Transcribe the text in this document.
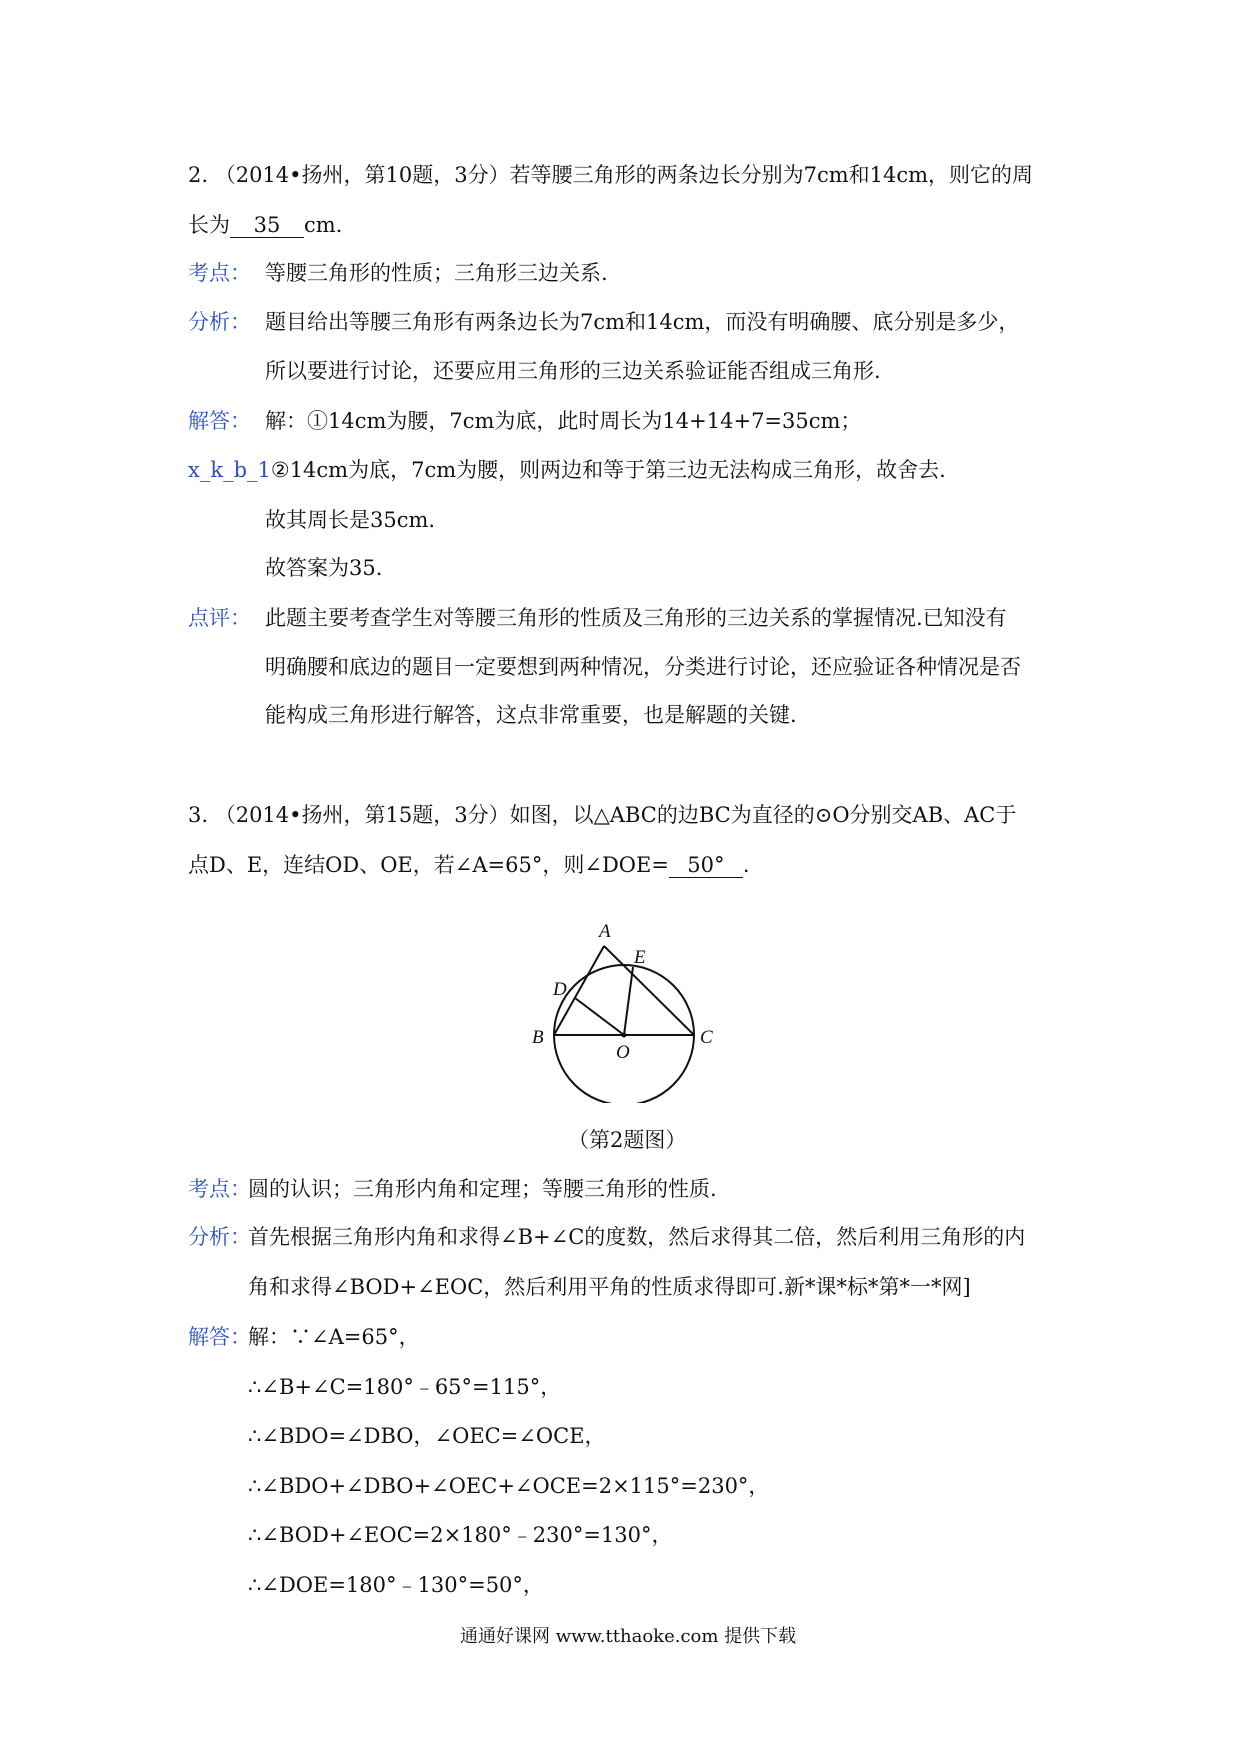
2. （2014•扬州，第10题，3分）若等腰三角形的两条边长分别为7cm和14cm，则它的周
长为 35 cm.
考点： 等腰三角形的性质；三角形三边关系.
分析： 题目给出等腰三角形有两条边长为7cm和14cm，而没有明确腰、底分别是多少，
所以要进行讨论，还要应用三角形的三边关系验证能否组成三角形.
解答： 解：①14cm为腰，7cm为底，此时周长为14+14+7=35cm；
x_k_b_1②14cm为底，7cm为腰，则两边和等于第三边无法构成三角形，故舍去.
故其周长是35cm.
故答案为35.
点评： 此题主要考查学生对等腰三角形的性质及三角形的三边关系的掌握情况.已知没有
明确腰和底边的题目一定要想到两种情况，分类进行讨论，还应验证各种情况是否
能构成三角形进行解答，这点非常重要，也是解题的关键.
3. （2014•扬州，第15题，3分）如图，以△ABC的边BC为直径的⊙O分别交AB、AC于
点D、E，连结OD、OE，若∠A=65°，则∠DOE= 50° .
A
D
E
B
O
C
（第2题图）
考点：
圆的认识；三角形内角和定理；等腰三角形的性质.
分析：
首先根据三角形内角和求得∠B+∠C的度数，然后求得其二倍，然后利用三角形的内
角和求得∠BOD+∠EOC，然后利用平角的性质求得即可.新*课*标*第*一*网]
解答：
解：∵∠A=65°，
∴∠B+∠C=180°﹣65°=115°，
∴∠BDO=∠DBO，∠OEC=∠OCE，
∴∠BDO+∠DBO+∠OEC+∠OCE=2×115°=230°，
∴∠BOD+∠EOC=2×180°﹣230°=130°，
∴∠DOE=180°﹣130°=50°，
通通好课网 www.tthaoke.com 提供下载
